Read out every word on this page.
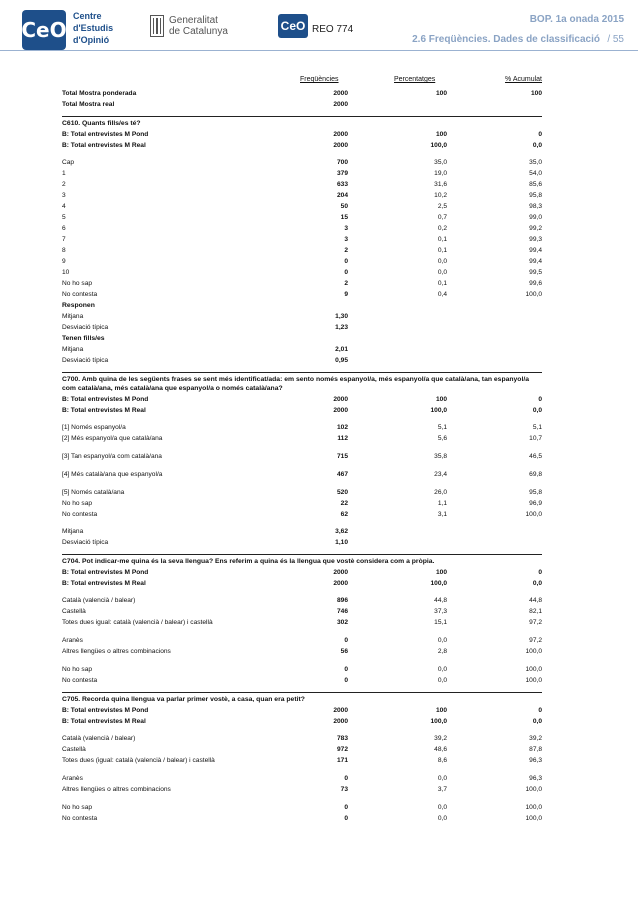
CeO
Centre
d'Estudis
d'Opinió
Generalitat
de Catalunya	CeO REO 774
BOP. 1a onada 2015
2.6 Freqüències. Dades de classificació / 55
Freqüències	Percentatges	% Acumulat
Total Mostra ponderada	2000	100	100
Total Mostra real	2000
C610. Quants fills/es té?
B: Total entrevistes M Pond	2000	100	0
B: Total entrevistes M Real	2000	100,0	0,0
Cap	700	35,0	35,0
1	379	19,0	54,0
2	633	31,6	85,6
3	204	10,2	95,8
4	50	2,5	98,3
5	15	0,7	99,0
6	3	0,2	99,2
7	3	0,1	99,3
8	2	0,1	99,4
9	0	0,0	99,4
10	0	0,0	99,5
No ho sap	2	0,1	99,6
No contesta	9	0,4	100,0
Responen
Mitjana	1,30
Desviació típica	1,23
Tenen fills/es
Mitjana	2,01
Desviació típica	0,95
C700. Amb quina de les següents frases se sent més identificat/ada: em sento només espanyol/a, més espanyol/a que català/ana, tan espanyol/a com català/ana, més català/ana que espanyol/a o només català/ana?
B: Total entrevistes M Pond	2000	100	0
B: Total entrevistes M Real	2000	100,0	0,0
[1] Només espanyol/a	102	5,1	5,1
[2] Més espanyol/a que català/ana	112	5,6	10,7
[3] Tan espanyol/a com català/ana	715	35,8	46,5
[4] Més català/ana que espanyol/a	467	23,4	69,8
[5] Només català/ana	520	26,0	95,8
No ho sap	22	1,1	96,9
No contesta	62	3,1	100,0
Mitjana	3,62
Desviació típica	1,10
C704. Pot indicar-me quina és la seva llengua? Ens referim a quina és la llengua que vostè considera com a pròpia.
B: Total entrevistes M Pond	2000	100	0
B: Total entrevistes M Real	2000	100,0	0,0
Català (valencià / balear)	896	44,8	44,8
Castellà	746	37,3	82,1
Totes dues igual: català (valencià / balear) i castellà	302	15,1	97,2
Aranès	0	0,0	97,2
Altres llengües o altres combinacions	56	2,8	100,0
No ho sap	0	0,0	100,0
No contesta	0	0,0	100,0
C705. Recorda quina llengua va parlar primer vostè, a casa, quan era petit?
B: Total entrevistes M Pond	2000	100	0
B: Total entrevistes M Real	2000	100,0	0,0
Català (valencià / balear)	783	39,2	39,2
Castellà	972	48,6	87,8
Totes dues (igual: català (valencià / balear) i castellà	171	8,6	96,3
Aranès	0	0,0	96,3
Altres llengües o altres combinacions	73	3,7	100,0
No ho sap	0	0,0	100,0
No contesta	0	0,0	100,0
